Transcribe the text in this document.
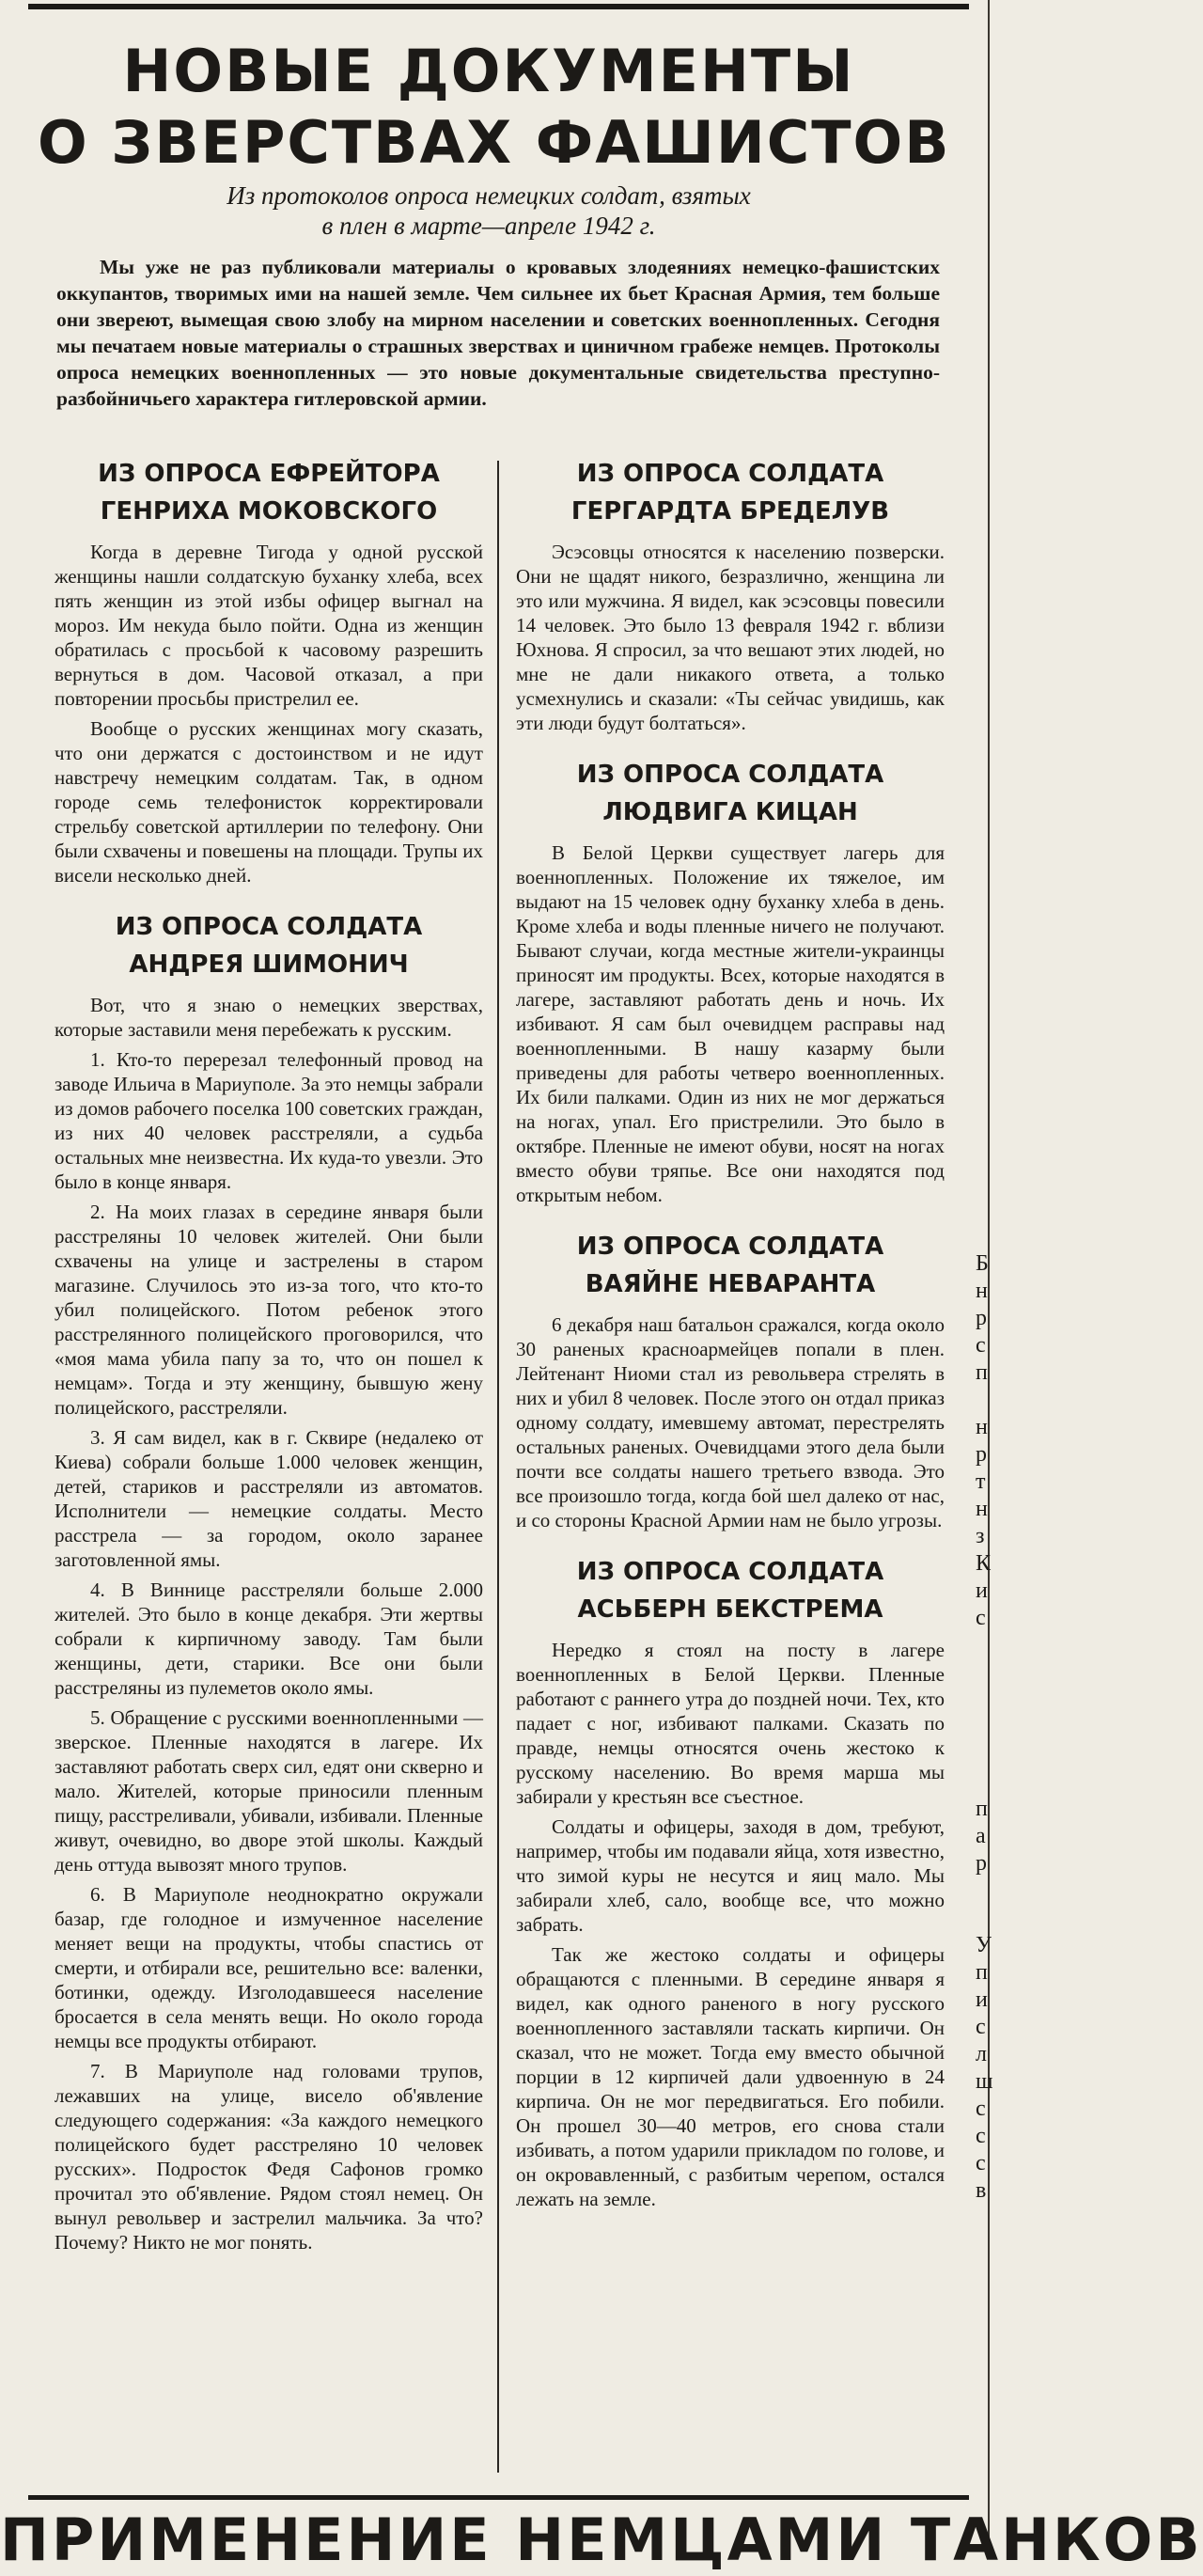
НОВЫЕ ДОКУМЕНТЫ
О ЗВЕРСТВАХ ФАШИСТОВ
Из протоколов опроса немецких солдат, взятых
в плен в марте—апреле 1942 г.

Мы уже не раз публиковали материалы о кровавых злодеяниях немецко-фашистских оккупантов, творимых ими на нашей земле. Чем сильнее их бьет Красная Армия, тем больше они звереют, вымещая свою злобу на мирном населении и советских военнопленных. Сегодня мы печатаем новые материалы о страшных зверствах и циничном грабеже немцев. Протоколы опроса немецких военнопленных — это новые документальные свидетельства преступно-разбойничьего характера гитлеровской армии.

ИЗ ОПРОСА ЕФРЕЙТОРА
ГЕНРИХА МОКОВСКОГО

Когда в деревне Тигода у одной русской женщины нашли солдатскую буханку хлеба, всех пять женщин из этой избы офицер выгнал на мороз. Им некуда было пойти. Одна из женщин обратилась с просьбой к часовому разрешить вернуться в дом. Часовой отказал, а при повторении просьбы пристрелил ее.

Вообще о русских женщинах могу сказать, что они держатся с достоинством и не идут навстречу немецким солдатам. Так, в одном городе семь телефонисток корректировали стрельбу советской артиллерии по телефону. Они были схвачены и повешены на площади. Трупы их висели несколько дней.

ИЗ ОПРОСА СОЛДАТА
АНДРЕЯ ШИМОНИЧ

Вот, что я знаю о немецких зверствах, которые заставили меня перебежать к русским.

1. Кто-то перерезал телефонный провод на заводе Ильича в Мариуполе. За это немцы забрали из домов рабочего поселка 100 советских граждан, из них 40 человек расстреляли, а судьба остальных мне неизвестна. Их куда-то увезли. Это было в конце января.

2. На моих глазах в середине января были расстреляны 10 человек жителей. Они были схвачены на улице и застрелены в старом магазине. Случилось это из-за того, что кто-то убил полицейского. Потом ребенок этого расстрелянного полицейского проговорился, что «моя мама убила папу за то, что он пошел к немцам». Тогда и эту женщину, бывшую жену полицейского, расстреляли.

3. Я сам видел, как в г. Сквире (недалеко от Киева) собрали больше 1.000 человек женщин, детей, стариков и расстреляли из автоматов. Исполнители — немецкие солдаты. Место расстрела — за городом, около заранее заготовленной ямы.

4. В Виннице расстреляли больше 2.000 жителей. Это было в конце декабря. Эти жертвы собрали к кирпичному заводу. Там были женщины, дети, старики. Все они были расстреляны из пулеметов около ямы.

5. Обращение с русскими военнопленными — зверское. Пленные находятся в лагере. Их заставляют работать сверх сил, едят они скверно и мало. Жителей, которые приносили пленным пищу, расстреливали, убивали, избивали. Пленные живут, очевидно, во дворе этой школы. Каждый день оттуда вывозят много трупов.

6. В Мариуполе неоднократно окружали базар, где голодное и измученное население меняет вещи на продукты, чтобы спастись от смерти, и отбирали все, решительно все: валенки, ботинки, одежду. Изголодавшееся население бросается в села менять вещи. Но около города немцы все продукты отбирают.

7. В Мариуполе над головами трупов, лежавших на улице, висело об'явление следующего содержания: «За каждого немецкого полицейского будет расстреляно 10 человек русских». Подросток Федя Сафонов громко прочитал это об'явление. Рядом стоял немец. Он вынул револьвер и застрелил мальчика. За что? Почему? Никто не мог понять.

ИЗ ОПРОСА СОЛДАТА
ГЕРГАРДТА БРЕДЕЛУВ

Эсэсовцы относятся к населению позверски. Они не щадят никого, безразлично, женщина ли это или мужчина. Я видел, как эсэсовцы повесили 14 человек. Это было 13 февраля 1942 г. вблизи Юхнова. Я спросил, за что вешают этих людей, но мне не дали никакого ответа, а только усмехнулись и сказали: «Ты сейчас увидишь, как эти люди будут болтаться».

ИЗ ОПРОСА СОЛДАТА
ЛЮДВИГА КИЦАН

В Белой Церкви существует лагерь для военнопленных. Положение их тяжелое, им выдают на 15 человек одну буханку хлеба в день. Кроме хлеба и воды пленные ничего не получают. Бывают случаи, когда местные жители-украинцы приносят им продукты. Всех, которые находятся в лагере, заставляют работать день и ночь. Их избивают. Я сам был очевидцем расправы над военнопленными. В нашу казарму были приведены для работы четверо военнопленных. Их били палками. Один из них не мог держаться на ногах, упал. Его пристрелили. Это было в октябре. Пленные не имеют обуви, носят на ногах вместо обуви тряпье. Все они находятся под открытым небом.

ИЗ ОПРОСА СОЛДАТА
ВАЯЙНЕ НЕВАРАНТА

6 декабря наш батальон сражался, когда около 30 раненых красноармейцев попали в плен. Лейтенант Ниоми стал из револьвера стрелять в них и убил 8 человек. После этого он отдал приказ одному солдату, имевшему автомат, перестрелять остальных раненых. Очевидцами этого дела были почти все солдаты нашего третьего взвода. Это все произошло тогда, когда бой шел далеко от нас, и со стороны Красной Армии нам не было угрозы.

ИЗ ОПРОСА СОЛДАТА
АСЬБЕРН БЕКСТРЕМА

Нередко я стоял на посту в лагере военнопленных в Белой Церкви. Пленные работают с раннего утра до поздней ночи. Тех, кто падает с ног, избивают палками. Сказать по правде, немцы относятся очень жестоко к русскому населению. Во время марша мы забирали у крестьян все съестное.

Солдаты и офицеры, заходя в дом, требуют, например, чтобы им подавали яйца, хотя известно, что зимой куры не несутся и яиц мало. Мы забирали хлеб, сало, вообще все, что можно забрать.

Так же жестоко солдаты и офицеры обращаются с пленными. В середине января я видел, как одного раненого в ногу русского военнопленного заставляли таскать кирпичи. Он сказал, что не может. Тогда ему вместо обычной порции в 12 кирпичей дали удвоенную в 24 кирпича. Он не мог передвигаться. Его побили. Он прошел 30—40 метров, его снова стали избивать, а потом ударили прикладом по голове, и он окровавленный, с разбитым черепом, остался лежать на земле.

Б
н
р
с
п

н
р
т
н
з
К
и
с

п
а
р

У
п
и
с
л
ш
с
с
с
в
ПРИМЕНЕНИЕ НЕМЦАМИ ТАНКОВ
